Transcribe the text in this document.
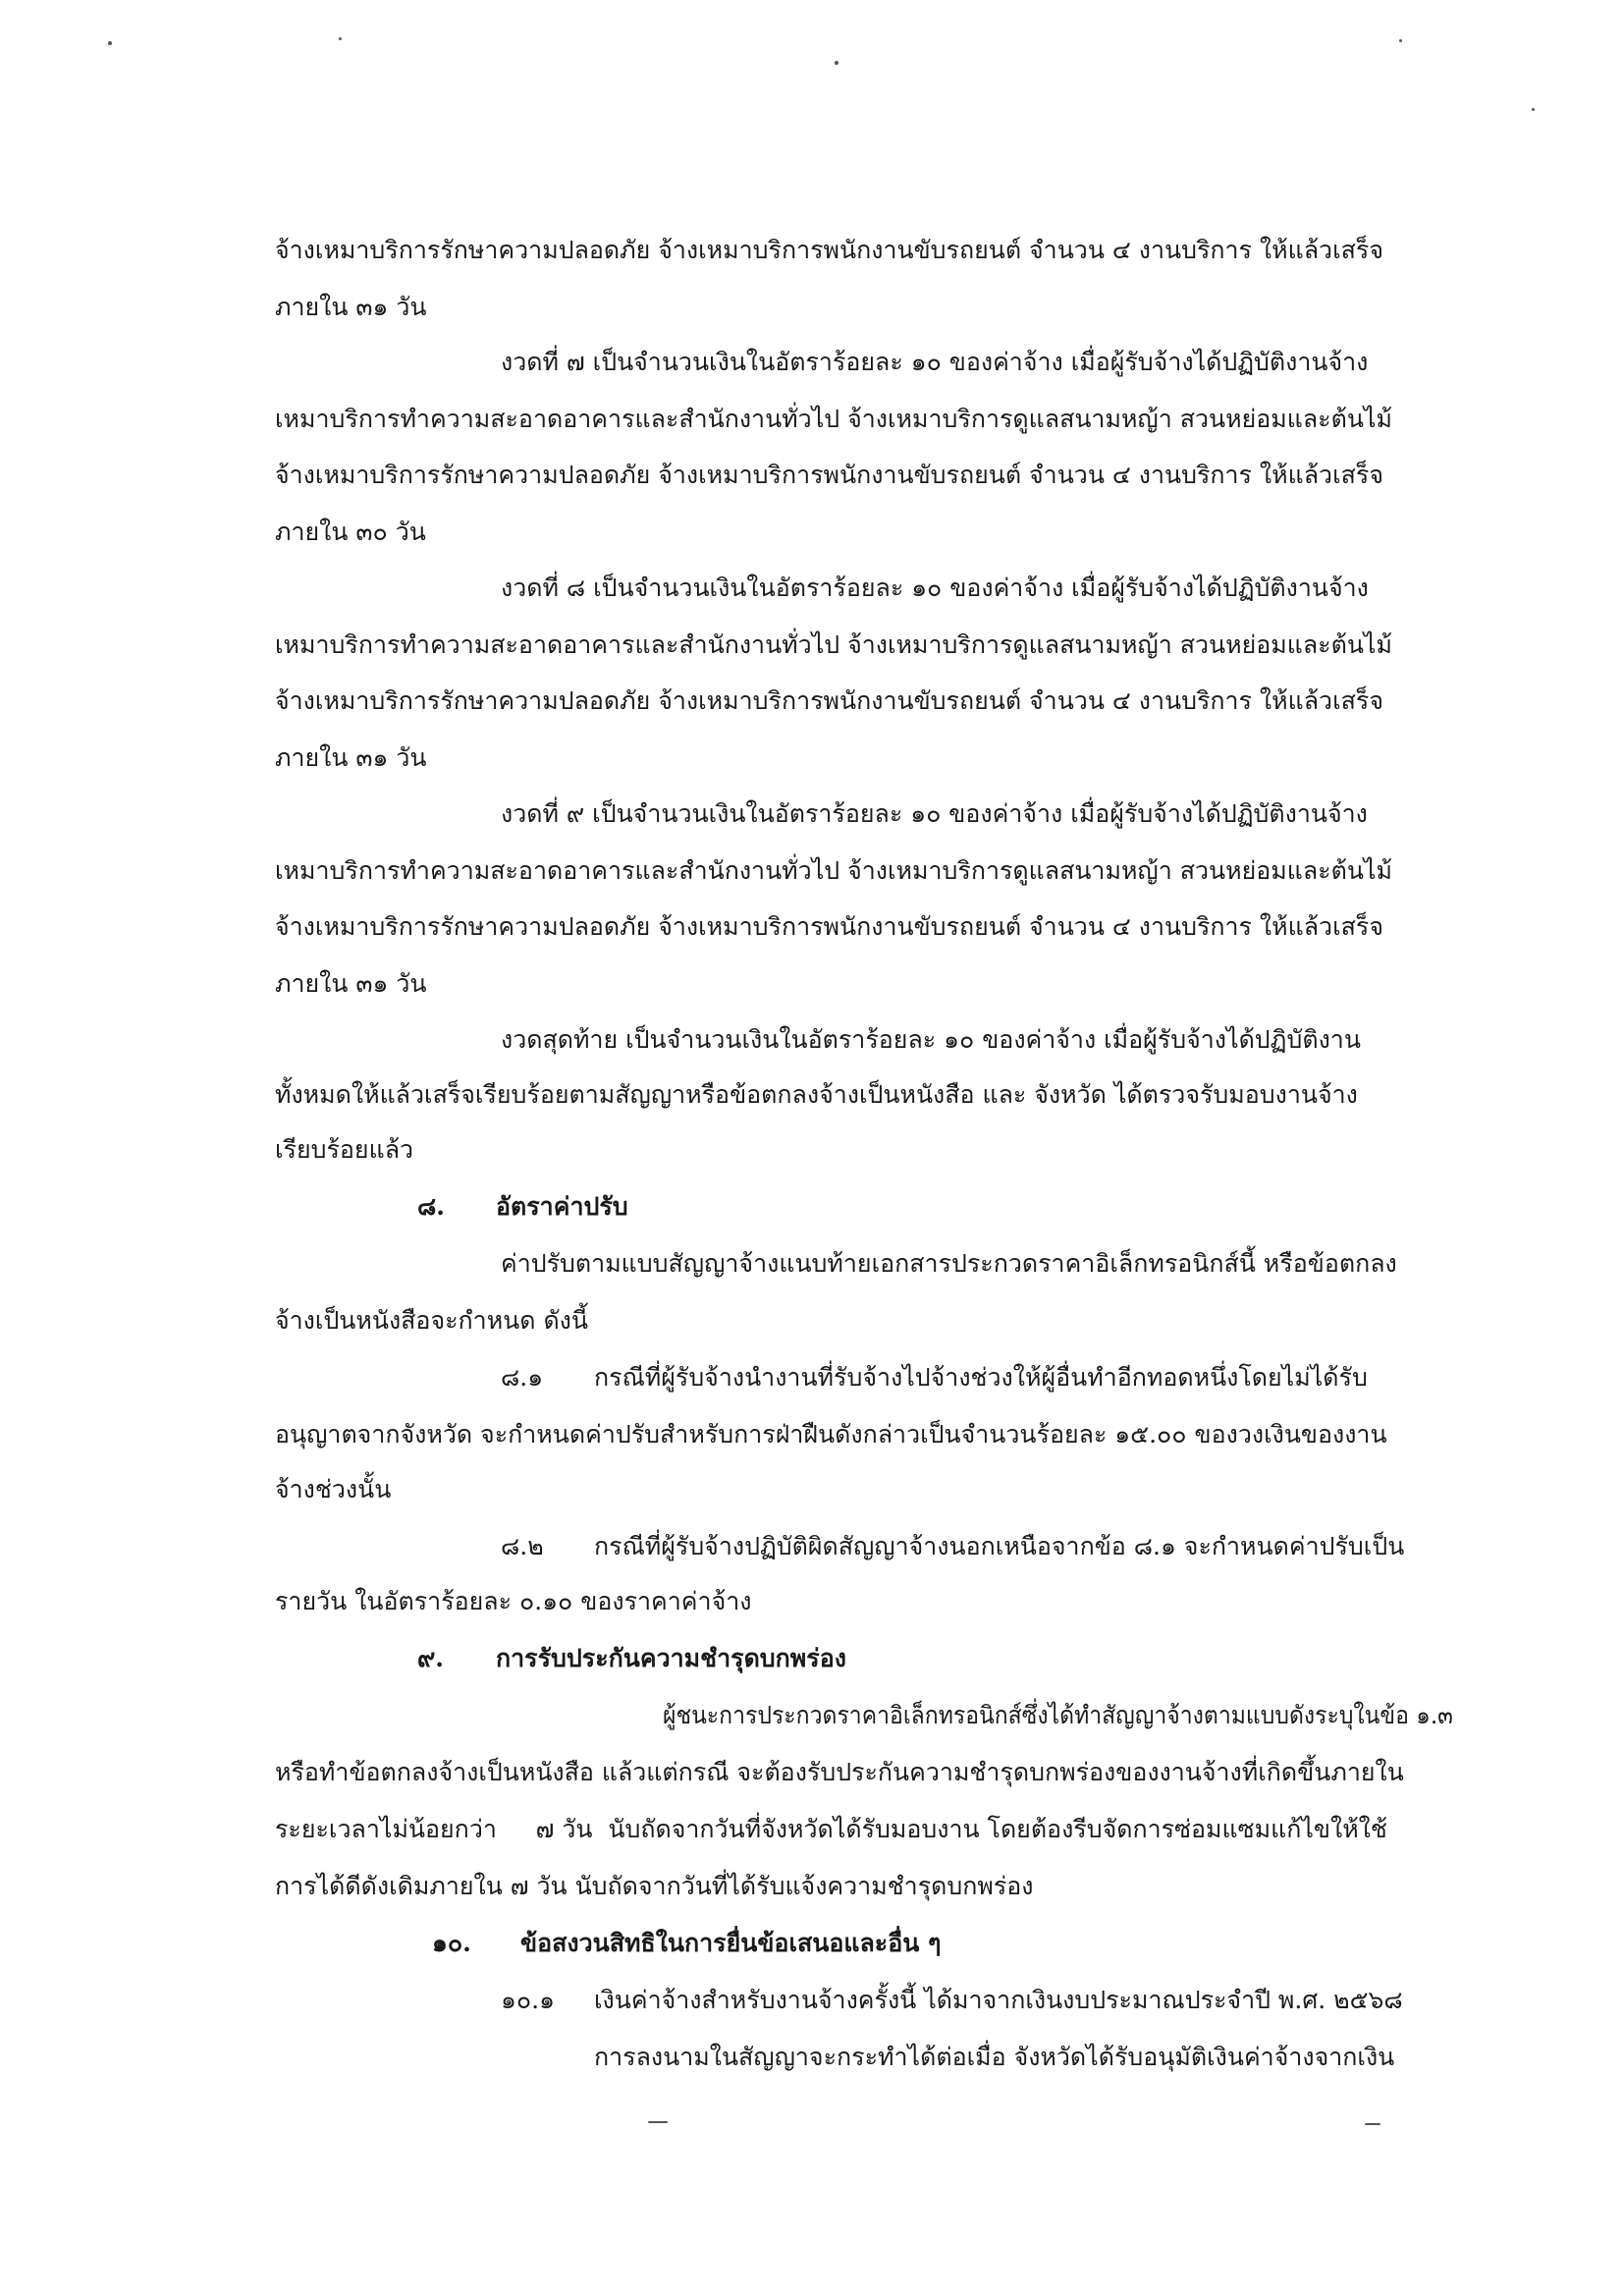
จ้างเหมาบริการรักษาความปลอดภัย จ้างเหมาบริการพนักงานขับรถยนต์ จำนวน ๔ งานบริการ ให้แล้วเสร็จ
ภายใน ๓๑ วัน
งวดที่ ๗ เป็นจำนวนเงินในอัตราร้อยละ ๑๐ ของค่าจ้าง เมื่อผู้รับจ้างได้ปฏิบัติงานจ้าง
เหมาบริการทำความสะอาดอาคารและสำนักงานทั่วไป จ้างเหมาบริการดูแลสนามหญ้า สวนหย่อมและต้นไม้
จ้างเหมาบริการรักษาความปลอดภัย จ้างเหมาบริการพนักงานขับรถยนต์ จำนวน ๔ งานบริการ ให้แล้วเสร็จ
ภายใน ๓๐ วัน
งวดที่ ๘ เป็นจำนวนเงินในอัตราร้อยละ ๑๐ ของค่าจ้าง เมื่อผู้รับจ้างได้ปฏิบัติงานจ้าง
เหมาบริการทำความสะอาดอาคารและสำนักงานทั่วไป จ้างเหมาบริการดูแลสนามหญ้า สวนหย่อมและต้นไม้
จ้างเหมาบริการรักษาความปลอดภัย จ้างเหมาบริการพนักงานขับรถยนต์ จำนวน ๔ งานบริการ ให้แล้วเสร็จ
ภายใน ๓๑ วัน
งวดที่ ๙ เป็นจำนวนเงินในอัตราร้อยละ ๑๐ ของค่าจ้าง เมื่อผู้รับจ้างได้ปฏิบัติงานจ้าง
เหมาบริการทำความสะอาดอาคารและสำนักงานทั่วไป จ้างเหมาบริการดูแลสนามหญ้า สวนหย่อมและต้นไม้
จ้างเหมาบริการรักษาความปลอดภัย จ้างเหมาบริการพนักงานขับรถยนต์ จำนวน ๔ งานบริการ ให้แล้วเสร็จ
ภายใน ๓๑ วัน
งวดสุดท้าย เป็นจำนวนเงินในอัตราร้อยละ ๑๐ ของค่าจ้าง เมื่อผู้รับจ้างได้ปฏิบัติงาน
ทั้งหมดให้แล้วเสร็จเรียบร้อยตามสัญญาหรือข้อตกลงจ้างเป็นหนังสือ และ จังหวัด ได้ตรวจรับมอบงานจ้าง
เรียบร้อยแล้ว
๘. อัตราค่าปรับ
ค่าปรับตามแบบสัญญาจ้างแนบท้ายเอกสารประกวดราคาอิเล็กทรอนิกส์นี้ หรือข้อตกลง
จ้างเป็นหนังสือจะกำหนด ดังนี้
๘.๑ กรณีที่ผู้รับจ้างนำงานที่รับจ้างไปจ้างช่วงให้ผู้อื่นทำอีกทอดหนึ่งโดยไม่ได้รับ
อนุญาตจากจังหวัด จะกำหนดค่าปรับสำหรับการฝ่าฝืนดังกล่าวเป็นจำนวนร้อยละ ๑๕.๐๐ ของวงเงินของงาน
จ้างช่วงนั้น
๘.๒ กรณีที่ผู้รับจ้างปฏิบัติผิดสัญญาจ้างนอกเหนือจากข้อ ๘.๑ จะกำหนดค่าปรับเป็น
รายวัน ในอัตราร้อยละ ๐.๑๐ ของราคาค่าจ้าง
๙. การรับประกันความชำรุดบกพร่อง
ผู้ชนะการประกวดราคาอิเล็กทรอนิกส์ซึ่งได้ทำสัญญาจ้างตามแบบดังระบุในข้อ ๑.๓
หรือทำข้อตกลงจ้างเป็นหนังสือ แล้วแต่กรณี จะต้องรับประกันความชำรุดบกพร่องของงานจ้างที่เกิดขึ้นภายใน
ระยะเวลาไม่น้อยกว่า     ๗ วัน  นับถัดจากวันที่จังหวัดได้รับมอบงาน โดยต้องรีบจัดการซ่อมแซมแก้ไขให้ใช้
การได้ดีดังเดิมภายใน ๗ วัน นับถัดจากวันที่ได้รับแจ้งความชำรุดบกพร่อง
๑๐. ข้อสงวนสิทธิในการยื่นข้อเสนอและอื่น ๆ
๑๐.๑ เงินค่าจ้างสำหรับงานจ้างครั้งนี้ ได้มาจากเงินงบประมาณประจำปี พ.ศ. ๒๕๖๘
การลงนามในสัญญาจะกระทำได้ต่อเมื่อ จังหวัดได้รับอนุมัติเงินค่าจ้างจากเงิน
